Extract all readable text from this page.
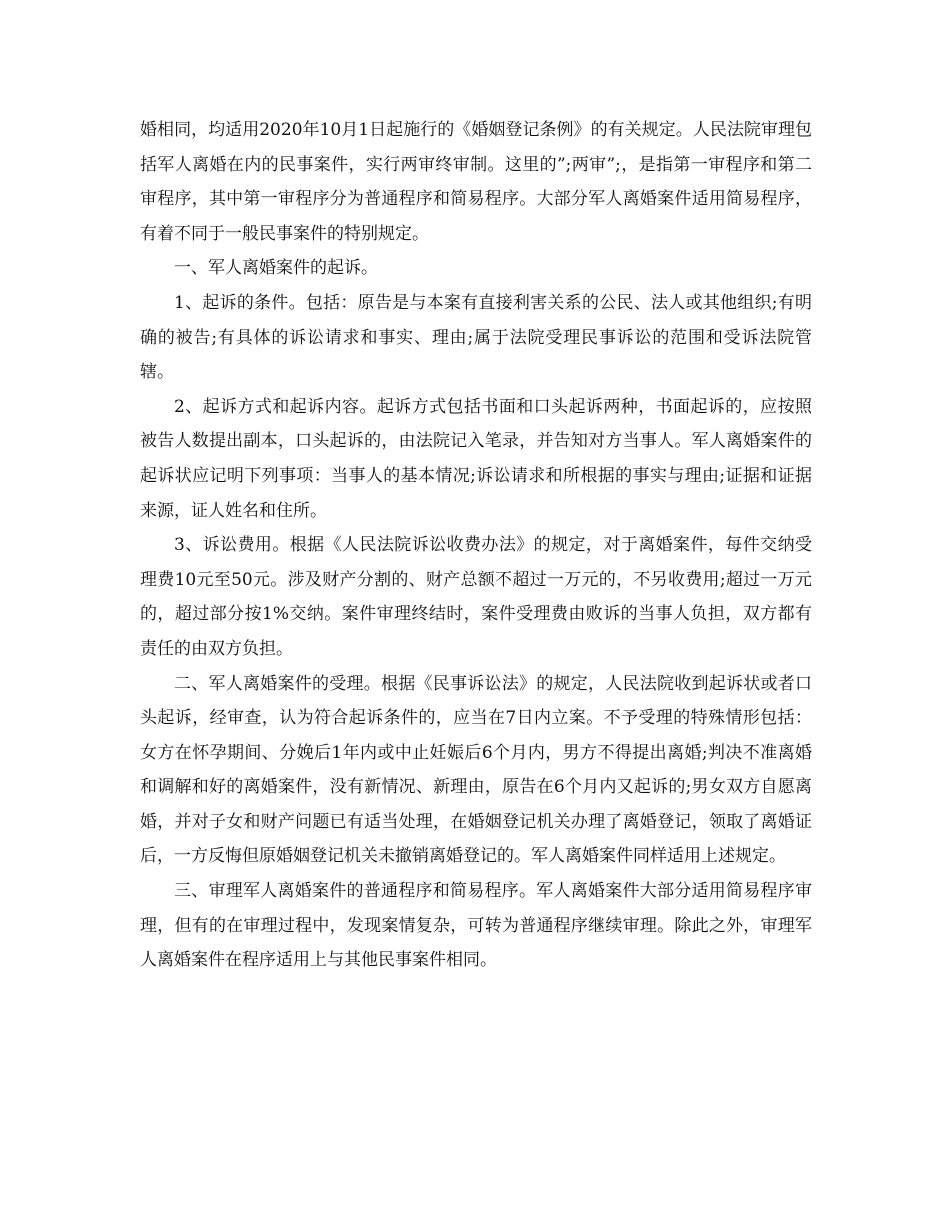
婚相同，均适用2020年10月1日起施行的《婚姻登记条例》的有关规定。人民法院审理包括军人离婚在内的民事案件，实行两审终审制。这里的”;两审”;，是指第一审程序和第二审程序，其中第一审程序分为普通程序和简易程序。大部分军人离婚案件适用简易程序，有着不同于一般民事案件的特别规定。

一、军人离婚案件的起诉。

1、起诉的条件。包括：原告是与本案有直接利害关系的公民、法人或其他组织;有明确的被告;有具体的诉讼请求和事实、理由;属于法院受理民事诉讼的范围和受诉法院管辖。

2、起诉方式和起诉内容。起诉方式包括书面和口头起诉两种，书面起诉的，应按照被告人数提出副本，口头起诉的，由法院记入笔录，并告知对方当事人。军人离婚案件的起诉状应记明下列事项：当事人的基本情况;诉讼请求和所根据的事实与理由;证据和证据来源，证人姓名和住所。

3、诉讼费用。根据《人民法院诉讼收费办法》的规定，对于离婚案件，每件交纳受理费10元至50元。涉及财产分割的、财产总额不超过一万元的，不另收费用;超过一万元的，超过部分按1%交纳。案件审理终结时，案件受理费由败诉的当事人负担，双方都有责任的由双方负担。

二、军人离婚案件的受理。根据《民事诉讼法》的规定，人民法院收到起诉状或者口头起诉，经审查，认为符合起诉条件的，应当在7日内立案。不予受理的特殊情形包括：女方在怀孕期间、分娩后1年内或中止妊娠后6个月内，男方不得提出离婚;判决不准离婚和调解和好的离婚案件，没有新情况、新理由，原告在6个月内又起诉的;男女双方自愿离婚，并对子女和财产问题已有适当处理，在婚姻登记机关办理了离婚登记，领取了离婚证后，一方反悔但原婚姻登记机关未撤销离婚登记的。军人离婚案件同样适用上述规定。

三、审理军人离婚案件的普通程序和简易程序。军人离婚案件大部分适用简易程序审理，但有的在审理过程中，发现案情复杂，可转为普通程序继续审理。除此之外，审理军人离婚案件在程序适用上与其他民事案件相同。
